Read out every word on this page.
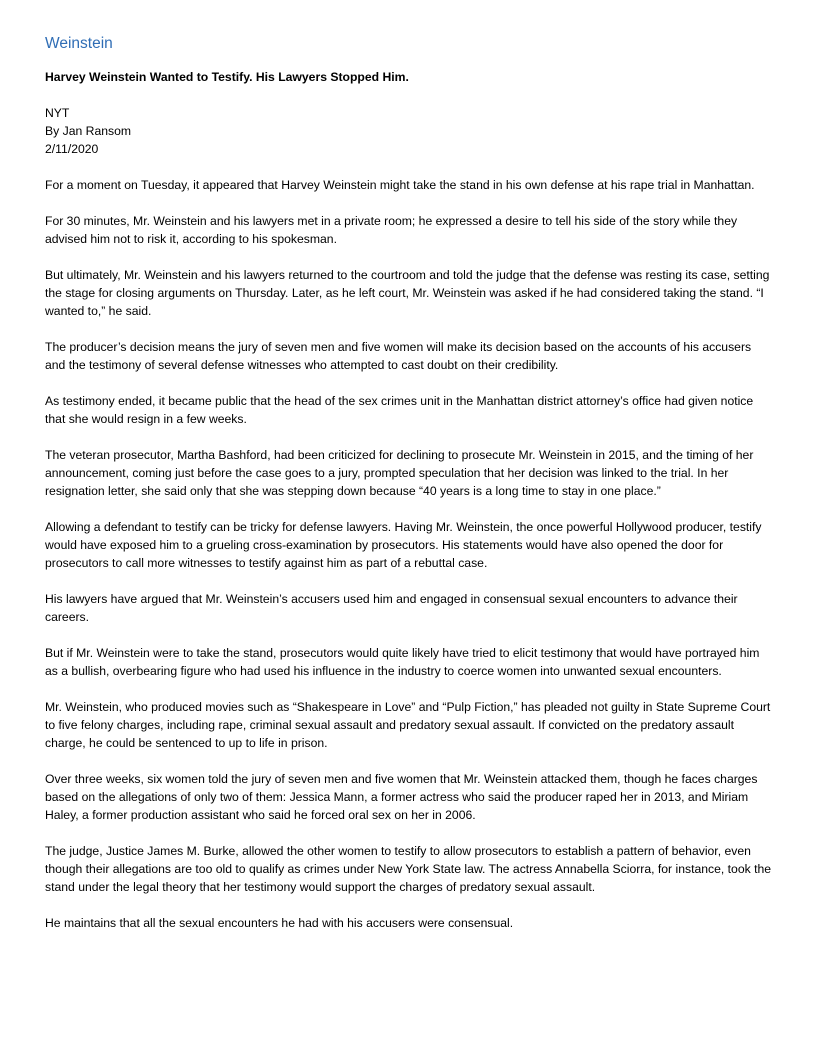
Weinstein

Harvey Weinstein Wanted to Testify. His Lawyers Stopped Him.

NYT

By Jan Ransom

2/11/2020

For a moment on Tuesday, it appeared that Harvey Weinstein might take the stand in his own defense at his rape trial in Manhattan.

For 30 minutes, Mr. Weinstein and his lawyers met in a private room; he expressed a desire to tell his side of the story while they advised him not to risk it, according to his spokesman.

But ultimately, Mr. Weinstein and his lawyers returned to the courtroom and told the judge that the defense was resting its case, setting the stage for closing arguments on Thursday. Later, as he left court, Mr. Weinstein was asked if he had considered taking the stand. “I wanted to,” he said.

The producer’s decision means the jury of seven men and five women will make its decision based on the accounts of his accusers and the testimony of several defense witnesses who attempted to cast doubt on their credibility.

As testimony ended, it became public that the head of the sex crimes unit in the Manhattan district attorney’s office had given notice that she would resign in a few weeks.

The veteran prosecutor, Martha Bashford, had been criticized for declining to prosecute Mr. Weinstein in 2015, and the timing of her announcement, coming just before the case goes to a jury, prompted speculation that her decision was linked to the trial. In her resignation letter, she said only that she was stepping down because “40 years is a long time to stay in one place.”

Allowing a defendant to testify can be tricky for defense lawyers. Having Mr. Weinstein, the once powerful Hollywood producer, testify would have exposed him to a grueling cross-examination by prosecutors. His statements would have also opened the door for prosecutors to call more witnesses to testify against him as part of a rebuttal case.

His lawyers have argued that Mr. Weinstein’s accusers used him and engaged in consensual sexual encounters to advance their careers.

But if Mr. Weinstein were to take the stand, prosecutors would quite likely have tried to elicit testimony that would have portrayed him as a bullish, overbearing figure who had used his influence in the industry to coerce women into unwanted sexual encounters.

Mr. Weinstein, who produced movies such as “Shakespeare in Love” and “Pulp Fiction,” has pleaded not guilty in State Supreme Court to five felony charges, including rape, criminal sexual assault and predatory sexual assault. If convicted on the predatory assault charge, he could be sentenced to up to life in prison.

Over three weeks, six women told the jury of seven men and five women that Mr. Weinstein attacked them, though he faces charges based on the allegations of only two of them: Jessica Mann, a former actress who said the producer raped her in 2013, and Miriam Haley, a former production assistant who said he forced oral sex on her in 2006.

The judge, Justice James M. Burke, allowed the other women to testify to allow prosecutors to establish a pattern of behavior, even though their allegations are too old to qualify as crimes under New York State law. The actress Annabella Sciorra, for instance, took the stand under the legal theory that her testimony would support the charges of predatory sexual assault.

He maintains that all the sexual encounters he had with his accusers were consensual.
